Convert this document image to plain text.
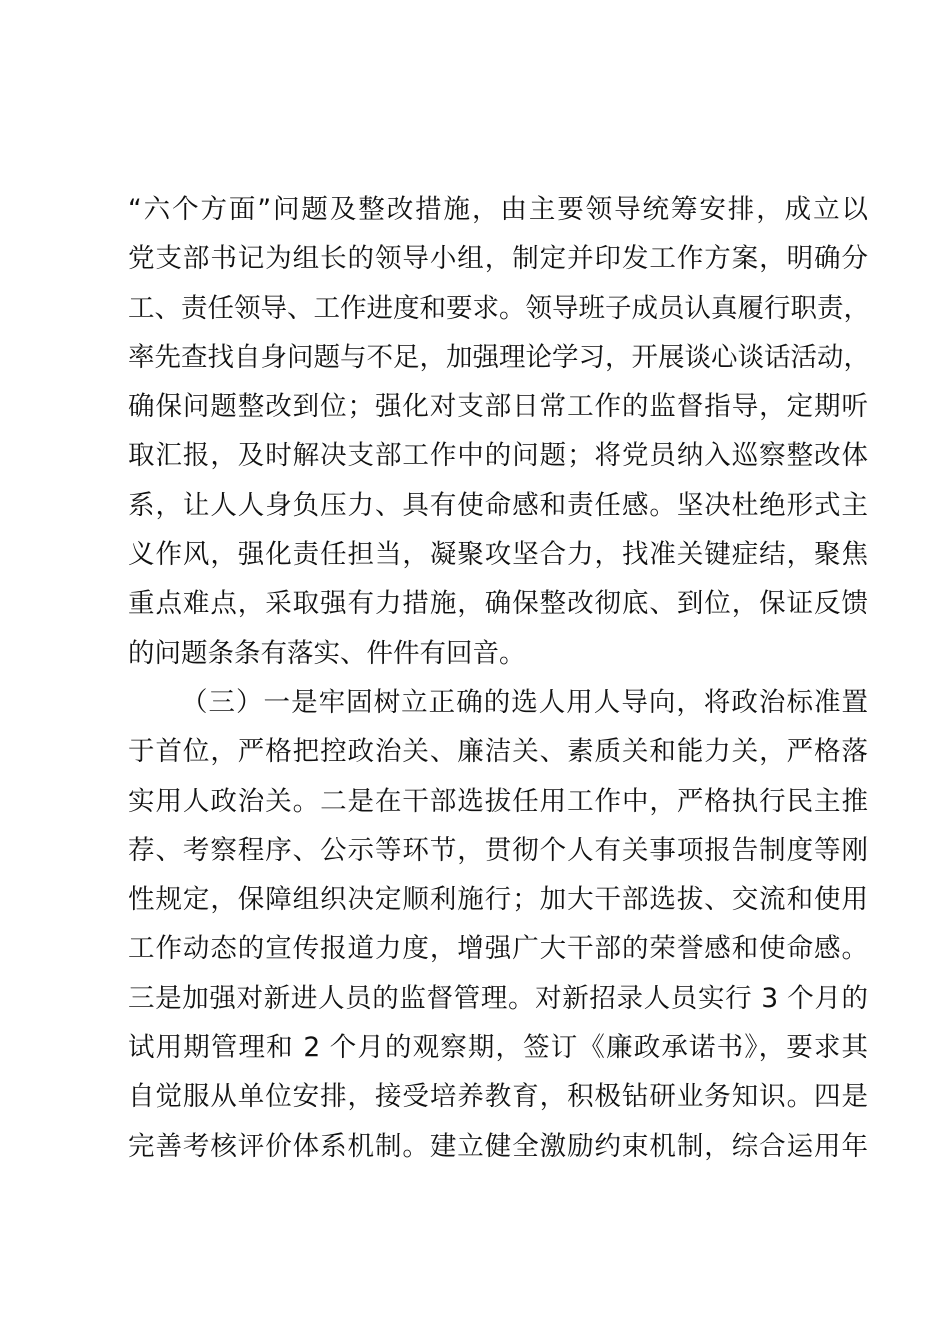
“六个方面”问题及整改措施，由主要领导统筹安排，成立以
党支部书记为组长的领导小组，制定并印发工作方案，明确分
工、责任领导、工作进度和要求。领导班子成员认真履行职责，
率先查找自身问题与不足，加强理论学习，开展谈心谈话活动，
确保问题整改到位；强化对支部日常工作的监督指导，定期听
取汇报，及时解决支部工作中的问题；将党员纳入巡察整改体
系，让人人身负压力、具有使命感和责任感。坚决杜绝形式主
义作风，强化责任担当，凝聚攻坚合力，找准关键症结，聚焦
重点难点，采取强有力措施，确保整改彻底、到位，保证反馈
的问题条条有落实、件件有回音。
（三）一是牢固树立正确的选人用人导向，将政治标准置
于首位，严格把控政治关、廉洁关、素质关和能力关，严格落
实用人政治关。二是在干部选拔任用工作中，严格执行民主推
荐、考察程序、公示等环节，贯彻个人有关事项报告制度等刚
性规定，保障组织决定顺利施行；加大干部选拔、交流和使用
工作动态的宣传报道力度，增强广大干部的荣誉感和使命感。
三是加强对新进人员的监督管理。对新招录人员实行 3 个月的
试用期管理和 2 个月的观察期，签订《廉政承诺书》，要求其
自觉服从单位安排，接受培养教育，积极钻研业务知识。四是
完善考核评价体系机制。建立健全激励约束机制，综合运用年
